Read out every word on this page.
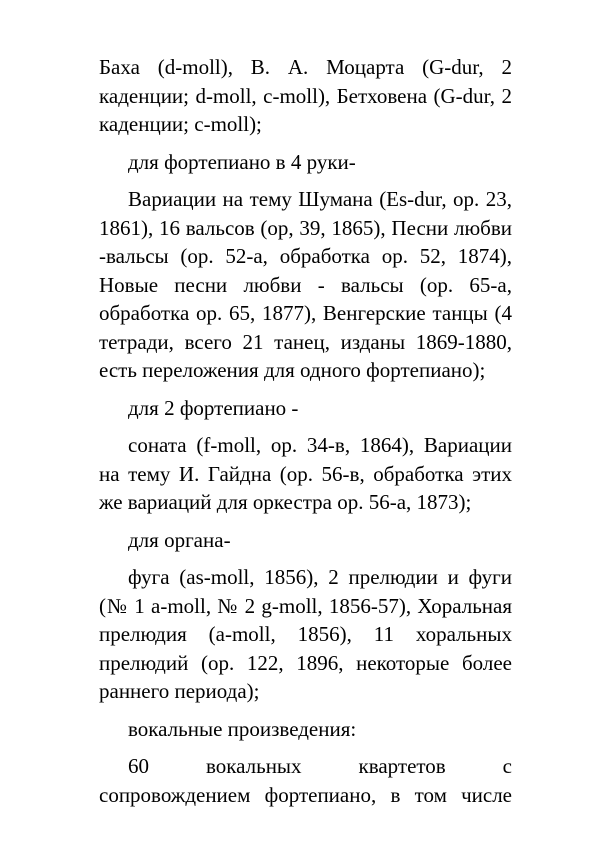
Баха (d-moll), В. А. Моцарта (G-dur, 2 каденции; d-moll, c-moll), Бетховена (G-dur, 2 каденции; c-moll);

для фортепиано в 4 руки-

Вариации на тему Шумана (Es-dur, ор. 23, 1861), 16 вальсов (ор, 39, 1865), Песни любви -вальсы (ор. 52-а, обработка ор. 52, 1874), Новые песни любви - вальсы (ор. 65-а, обработка ор. 65, 1877), Венгерские танцы (4 тетради, всего 21 танец, изданы 1869-1880, есть переложения для одного фортепиано);

для 2 фортепиано -

соната (f-moll, ор. 34-в, 1864), Вариации на тему И. Гайдна (ор. 56-в, обработка этих же вариаций для оркестра ор. 56-а, 1873);

для органа-

фуга (as-moll, 1856), 2 прелюдии и фуги (№ 1 a-moll, № 2 g-moll, 1856-57), Хоральная прелюдия (a-moll, 1856), 11 хоральных прелюдий (ор. 122, 1896, некоторые более раннего периода);

вокальные произведения:

60 вокальных квартетов с сопровождением фортепиано, в том числе
